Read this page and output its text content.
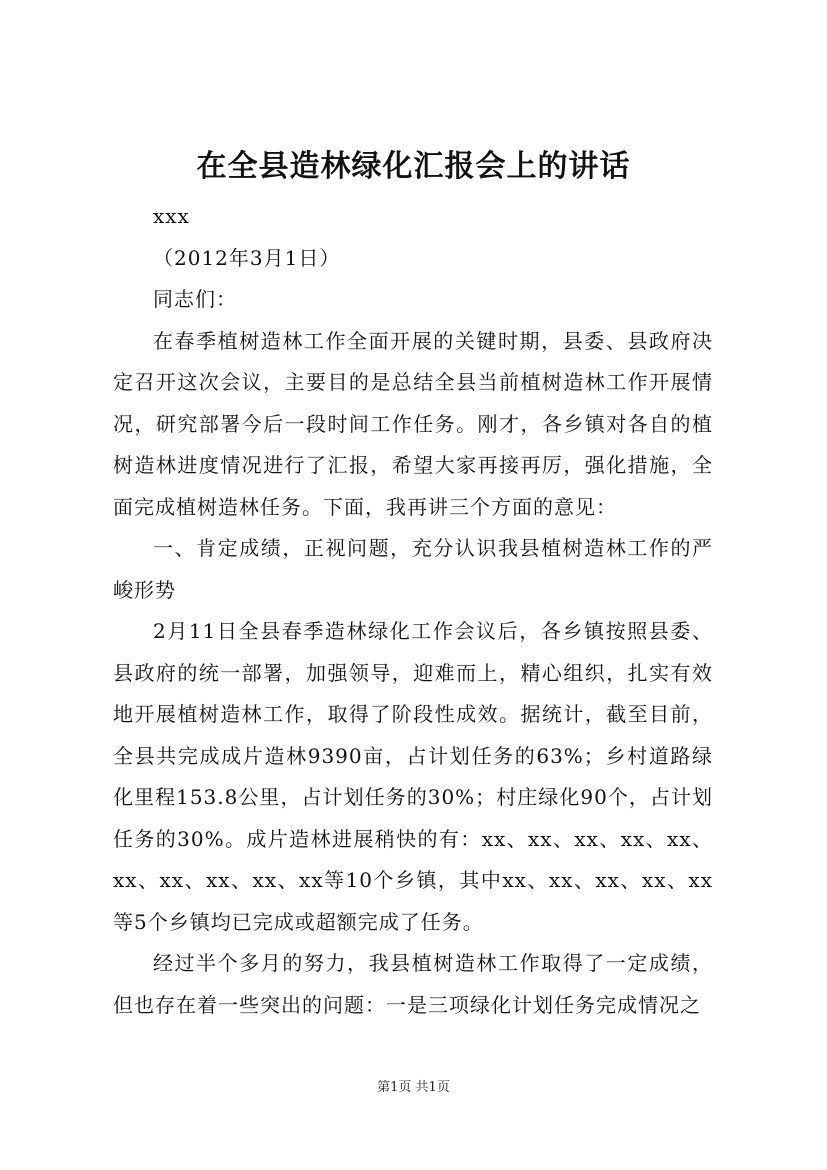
在全县造林绿化汇报会上的讲话

xxx

（2012年3月1日）

同志们：

在春季植树造林工作全面开展的关键时期，县委、县政府决定召开这次会议，主要目的是总结全县当前植树造林工作开展情况，研究部署今后一段时间工作任务。刚才，各乡镇对各自的植树造林进度情况进行了汇报，希望大家再接再厉，强化措施，全面完成植树造林任务。下面，我再讲三个方面的意见：

一、肯定成绩，正视问题，充分认识我县植树造林工作的严峻形势

2月11日全县春季造林绿化工作会议后，各乡镇按照县委、县政府的统一部署，加强领导，迎难而上，精心组织，扎实有效地开展植树造林工作，取得了阶段性成效。据统计，截至目前，全县共完成成片造林9390亩，占计划任务的63%；乡村道路绿化里程153.8公里，占计划任务的30%；村庄绿化90个，占计划任务的30%。成片造林进展稍快的有：xx、xx、xx、xx、xx、xx、xx、xx、xx、xx等10个乡镇，其中xx、xx、xx、xx、xx等5个乡镇均已完成或超额完成了任务。

经过半个多月的努力，我县植树造林工作取得了一定成绩，但也存在着一些突出的问题：一是三项绿化计划任务完成情况之

第1页 共1页
